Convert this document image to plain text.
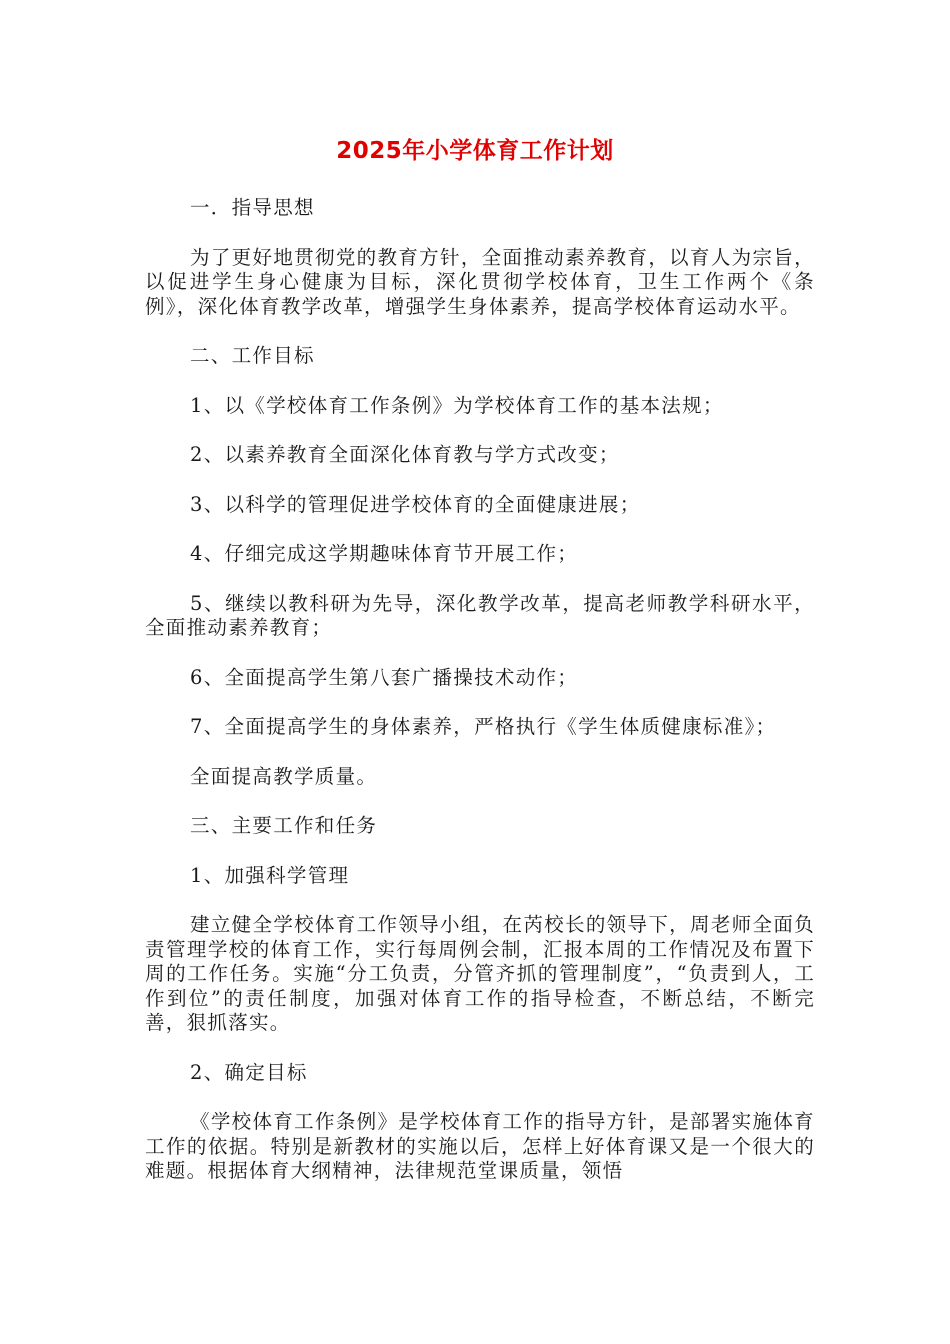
2025年小学体育工作计划

一．指导思想

为了更好地贯彻党的教育方针，全面推动素养教育，以育人为宗旨，以促进学生身心健康为目标，深化贯彻学校体育，卫生工作两个《条例》，深化体育教学改革，增强学生身体素养，提高学校体育运动水平。

二、工作目标

1、以《学校体育工作条例》为学校体育工作的基本法规；

2、以素养教育全面深化体育教与学方式改变；

3、以科学的管理促进学校体育的全面健康进展；

4、仔细完成这学期趣味体育节开展工作；

5、继续以教科研为先导，深化教学改革，提高老师教学科研水平，全面推动素养教育；

6、全面提高学生第八套广播操技术动作；

7、全面提高学生的身体素养，严格执行《学生体质健康标准》；

全面提高教学质量。

三、主要工作和任务

1、加强科学管理

建立健全学校体育工作领导小组，在芮校长的领导下，周老师全面负责管理学校的体育工作，实行每周例会制，汇报本周的工作情况及布置下周的工作任务。实施“分工负责，分管齐抓的管理制度”，“负责到人，工作到位”的责任制度，加强对体育工作的指导检查，不断总结，不断完善，狠抓落实。

2、确定目标

《学校体育工作条例》是学校体育工作的指导方针，是部署实施体育工作的依据。特别是新教材的实施以后，怎样上好体育课又是一个很大的难题。根据体育大纲精神，法律规范堂课质量，领悟
